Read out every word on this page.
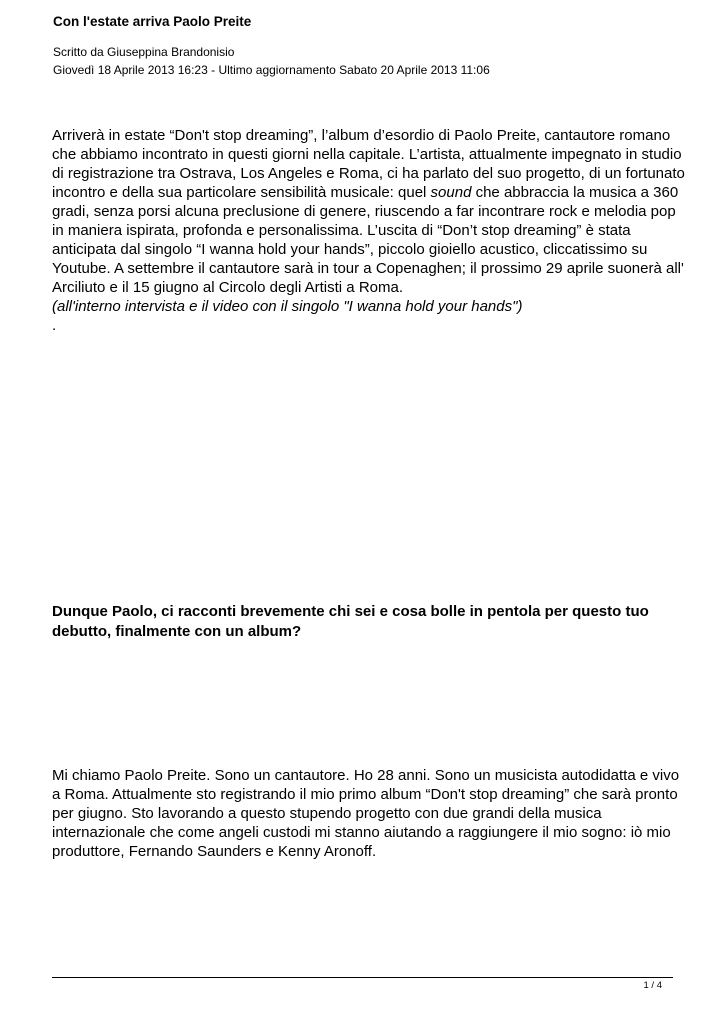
Con l'estate arriva Paolo Preite
Scritto da Giuseppina Brandonisio
Giovedì 18 Aprile 2013 16:23 - Ultimo aggiornamento Sabato 20 Aprile 2013 11:06
Arriverà in estate “Don't stop dreaming”, l’album d’esordio di Paolo Preite, cantautore romano
che abbiamo incontrato in questi giorni nella capitale. L’artista, attualmente impegnato in studio
di registrazione tra Ostrava, Los Angeles e Roma, ci ha parlato del suo progetto, di un fortunato
incontro e della sua particolare sensibilità musicale: quel sound che abbraccia la musica a 360
gradi, senza porsi alcuna preclusione di genere, riuscendo a far incontrare rock e melodia pop
in maniera ispirata, profonda e personalissima. L’uscita di “Don’t stop dreaming” è stata
anticipata dal singolo “I wanna hold your hands”, piccolo gioiello acustico, cliccatissimo su
Youtube. A settembre il cantautore sarà in tour a Copenaghen; il prossimo 29 aprile suonerà all'
Arciliuto e il 15 giugno al Circolo degli Artisti a Roma.
(all'interno intervista e il video con il singolo "I wanna hold your hands")
.
Dunque Paolo, ci racconti brevemente chi sei e cosa bolle in pentola per questo tuo
debutto, finalmente con un album?
Mi chiamo Paolo Preite. Sono un cantautore. Ho 28 anni. Sono un musicista autodidatta e vivo
a Roma. Attualmente sto registrando il mio primo album “Don't stop dreaming” che sarà pronto
per giugno. Sto lavorando a questo stupendo progetto con due grandi della musica
internazionale che come angeli custodi mi stanno aiutando a raggiungere il mio sogno: iò mio
produttore, Fernando Saunders e Kenny Aronoff.
1 / 4
